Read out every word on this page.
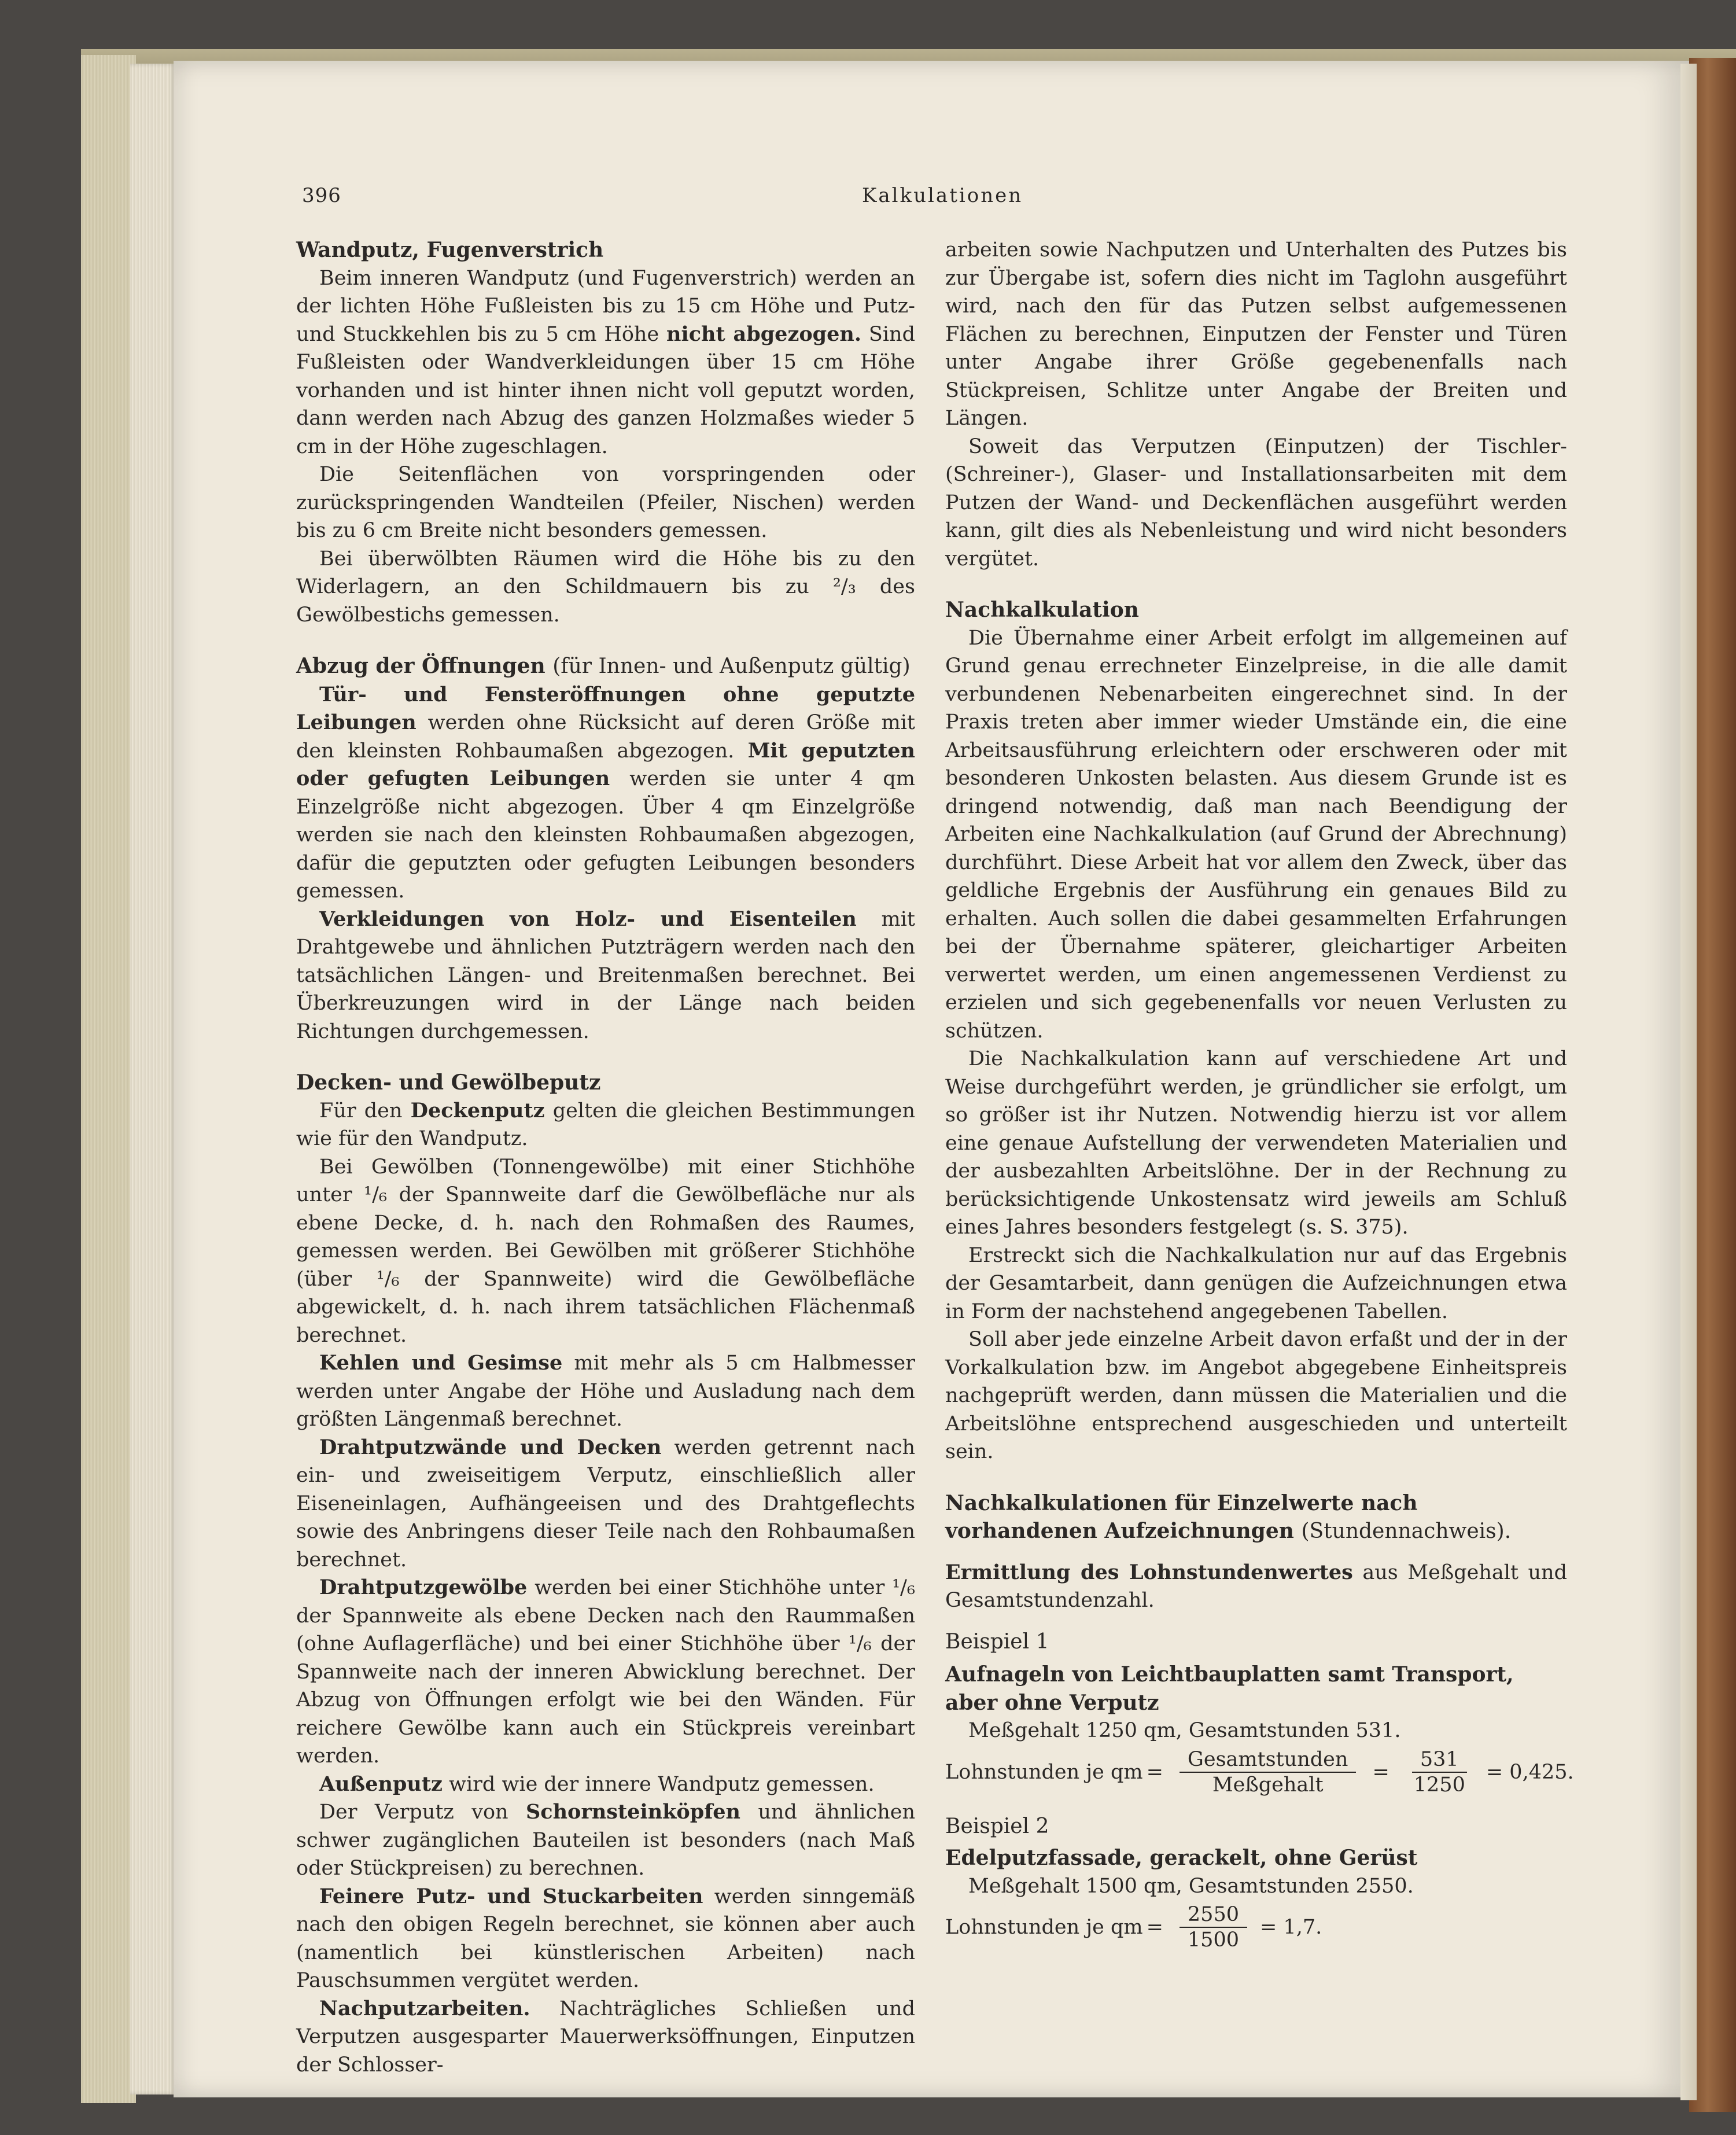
396	Kalkulationen
Wandputz, Fugenverstrich

Beim inneren Wandputz (und Fugenverstrich) werden an der lichten Höhe Fußleisten bis zu 15 cm Höhe und Putz- und Stuckkehlen bis zu 5 cm Höhe nicht abgezogen. Sind Fußleisten oder Wandverkleidungen über 15 cm Höhe vorhanden und ist hinter ihnen nicht voll geputzt worden, dann werden nach Abzug des ganzen Holzmaßes wieder 5 cm in der Höhe zugeschlagen.

Die Seitenflächen von vorspringenden oder zurückspringenden Wandteilen (Pfeiler, Nischen) werden bis zu 6 cm Breite nicht besonders gemessen.

Bei überwölbten Räumen wird die Höhe bis zu den Widerlagern, an den Schildmauern bis zu ²/₃ des Gewölbestichs gemessen.

Abzug der Öffnungen (für Innen- und Außenputz gültig)

Tür- und Fensteröffnungen ohne geputzte Leibungen werden ohne Rücksicht auf deren Größe mit den kleinsten Rohbaumaßen abgezogen. Mit geputzten oder gefugten Leibungen werden sie unter 4 qm Einzelgröße nicht abgezogen. Über 4 qm Einzelgröße werden sie nach den kleinsten Rohbaumaßen abgezogen, dafür die geputzten oder gefugten Leibungen besonders gemessen.

Verkleidungen von Holz- und Eisenteilen mit Drahtgewebe und ähnlichen Putzträgern werden nach den tatsächlichen Längen- und Breitenmaßen berechnet. Bei Überkreuzungen wird in der Länge nach beiden Richtungen durchgemessen.

Decken- und Gewölbeputz

Für den Deckenputz gelten die gleichen Bestimmungen wie für den Wandputz.

Bei Gewölben (Tonnengewölbe) mit einer Stichhöhe unter ¹/₆ der Spannweite darf die Gewölbefläche nur als ebene Decke, d. h. nach den Rohmaßen des Raumes, gemessen werden. Bei Gewölben mit größerer Stichhöhe (über ¹/₆ der Spannweite) wird die Gewölbefläche abgewickelt, d. h. nach ihrem tatsächlichen Flächenmaß berechnet.

Kehlen und Gesimse mit mehr als 5 cm Halbmesser werden unter Angabe der Höhe und Ausladung nach dem größten Längenmaß berechnet.

Drahtputzwände und Decken werden getrennt nach ein- und zweiseitigem Verputz, einschließlich aller Eiseneinlagen, Aufhängeeisen und des Drahtgeflechts sowie des Anbringens dieser Teile nach den Rohbaumaßen berechnet.

Drahtputzgewölbe werden bei einer Stichhöhe unter ¹/₆ der Spannweite als ebene Decken nach den Raummaßen (ohne Auflagerfläche) und bei einer Stichhöhe über ¹/₆ der Spannweite nach der inneren Abwicklung berechnet. Der Abzug von Öffnungen erfolgt wie bei den Wänden. Für reichere Gewölbe kann auch ein Stückpreis vereinbart werden.

Außenputz wird wie der innere Wandputz gemessen.

Der Verputz von Schornsteinköpfen und ähnlichen schwer zugänglichen Bauteilen ist besonders (nach Maß oder Stückpreisen) zu berechnen.

Feinere Putz- und Stuckarbeiten werden sinngemäß nach den obigen Regeln berechnet, sie können aber auch (namentlich bei künstlerischen Arbeiten) nach Pauschsummen vergütet werden.

Nachputzarbeiten. Nachträgliches Schließen und Verputzen ausgesparter Mauerwerksöffnungen, Einputzen der Schlosser-

arbeiten sowie Nachputzen und Unterhalten des Putzes bis zur Übergabe ist, sofern dies nicht im Taglohn ausgeführt wird, nach den für das Putzen selbst aufgemessenen Flächen zu berechnen, Einputzen der Fenster und Türen unter Angabe ihrer Größe gegebenenfalls nach Stückpreisen, Schlitze unter Angabe der Breiten und Längen.

Soweit das Verputzen (Einputzen) der Tischler- (Schreiner-), Glaser- und Installationsarbeiten mit dem Putzen der Wand- und Deckenflächen ausgeführt werden kann, gilt dies als Nebenleistung und wird nicht besonders vergütet.

Nachkalkulation

Die Übernahme einer Arbeit erfolgt im allgemeinen auf Grund genau errechneter Einzelpreise, in die alle damit verbundenen Nebenarbeiten eingerechnet sind. In der Praxis treten aber immer wieder Umstände ein, die eine Arbeitsausführung erleichtern oder erschweren oder mit besonderen Unkosten belasten. Aus diesem Grunde ist es dringend notwendig, daß man nach Beendigung der Arbeiten eine Nachkalkulation (auf Grund der Abrechnung) durchführt. Diese Arbeit hat vor allem den Zweck, über das geldliche Ergebnis der Ausführung ein genaues Bild zu erhalten. Auch sollen die dabei gesammelten Erfahrungen bei der Übernahme späterer, gleichartiger Arbeiten verwertet werden, um einen angemessenen Verdienst zu erzielen und sich gegebenenfalls vor neuen Verlusten zu schützen.

Die Nachkalkulation kann auf verschiedene Art und Weise durchgeführt werden, je gründlicher sie erfolgt, um so größer ist ihr Nutzen. Notwendig hierzu ist vor allem eine genaue Aufstellung der verwendeten Materialien und der ausbezahlten Arbeitslöhne. Der in der Rechnung zu berücksichtigende Unkostensatz wird jeweils am Schluß eines Jahres besonders festgelegt (s. S. 375).

Erstreckt sich die Nachkalkulation nur auf das Ergebnis der Gesamtarbeit, dann genügen die Aufzeichnungen etwa in Form der nachstehend angegebenen Tabellen.

Soll aber jede einzelne Arbeit davon erfaßt und der in der Vorkalkulation bzw. im Angebot abgegebene Einheitspreis nachgeprüft werden, dann müssen die Materialien und die Arbeitslöhne entsprechend ausgeschieden und unterteilt sein.

Nachkalkulationen für Einzelwerte nach vorhandenen Aufzeichnungen (Stundennachweis).

Ermittlung des Lohnstundenwertes aus Meßgehalt und Gesamtstundenzahl.

Beispiel 1
Aufnageln von Leichtbauplatten samt Transport, aber ohne Verputz

Meßgehalt 1250 qm, Gesamtstunden 531.

Lohnstunden je qm = $\frac{\text{Gesamtstunden}}{\text{Meßgehalt}} = \frac{531}{1250} = 0,425$.
Beispiel 2
Edelputzfassade, gerackelt, ohne Gerüst

Meßgehalt 1500 qm, Gesamtstunden 2550.

Lohnstunden je qm = $\frac{2550}{1500} = 1,7$.
